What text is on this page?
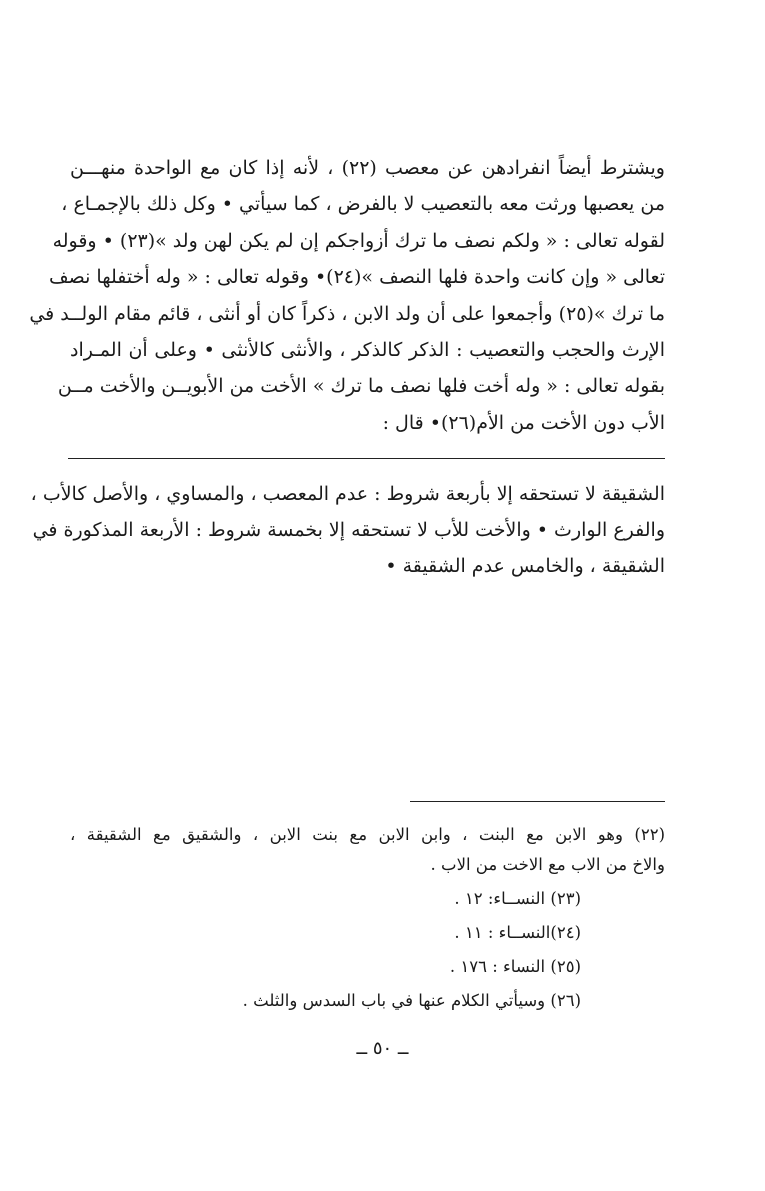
ويشترط أيضاً انفرادهن عن معصب (٢٢) ، لأنه إذا كان مع الواحدة منهـــن
من يعصبها ورثت معه بالتعصيب لا بالفرض ، كما سيأتي • وكل ذلك بالإجمـاع ،
لقوله تعالى : « ولكم نصف ما ترك أزواجكم إن لم يكن لهن ولد »(٢٣) • وقوله
تعالى « وإن كانت واحدة فلها النصف »(٢٤)• وقوله تعالى : « وله أختفلها نصف
ما ترك »(٢٥) وأجمعوا على أن ولد الابن ، ذكراً كان أو أنثى ، قائم مقام الولــد في
الإرث والحجب والتعصيب : الذكر كالذكر ، والأنثى كالأنثى • وعلى أن المـراد
بقوله تعالى : « وله أخت فلها نصف ما ترك » الأخت من الأبويــن والأخت مــن
الأب دون الأخت من الأم(٢٦)• قال :
الشقيقة لا تستحقه إلا بأربعة شروط : عدم المعصب ، والمساوي ، والأصل كالأب ،
والفرع الوارث • والأخت للأب لا تستحقه إلا بخمسة شروط : الأربعة المذكورة في
الشقيقة ، والخامس عدم الشقيقة •
(٢٢) وهو الابن مع البنت ، وابن الابن مع بنت الابن ، والشقيق مع الشقيقة ،
والاخ من الاب مع الاخت من الاب .
(٢٣) النســاء: ١٢ .
(٢٤)النســاء : ١١ .
(٢٥) النساء : ١٧٦ .
(٢٦) وسيأتي الكلام عنها في باب السدس والثلث .
ــ ٥٠ ــ
